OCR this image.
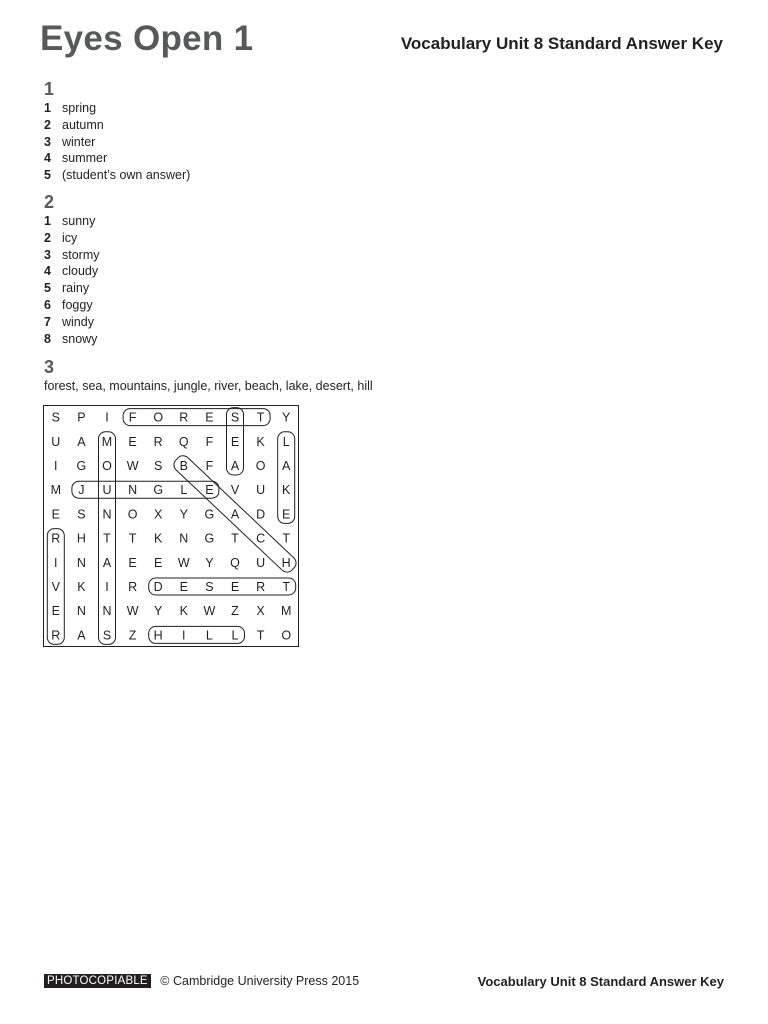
Eyes Open 1	Vocabulary Unit 8 Standard Answer Key
1
1 spring
2 autumn
3 winter
4 summer
5 (student’s own answer)
2
1 sunny
2 icy
3 stormy
4 cloudy
5 rainy
6 foggy
7 windy
8 snowy
3
forest, sea, mountains, jungle, river, beach, lake, desert, hill
S P I F O R E S T Y
U A M E R Q F E K L
I G O W S B F A O A
M J U N G L E V U K
E S N O X Y G A D E
R H T T K N G T C T
I N A E E W Y Q U H
V K I R D E S E R T
E N N W Y K W Z X M
R A S Z H I L L T O
PHOTOCOPIABLE © Cambridge University Press 2015	Vocabulary Unit 8 Standard Answer Key
